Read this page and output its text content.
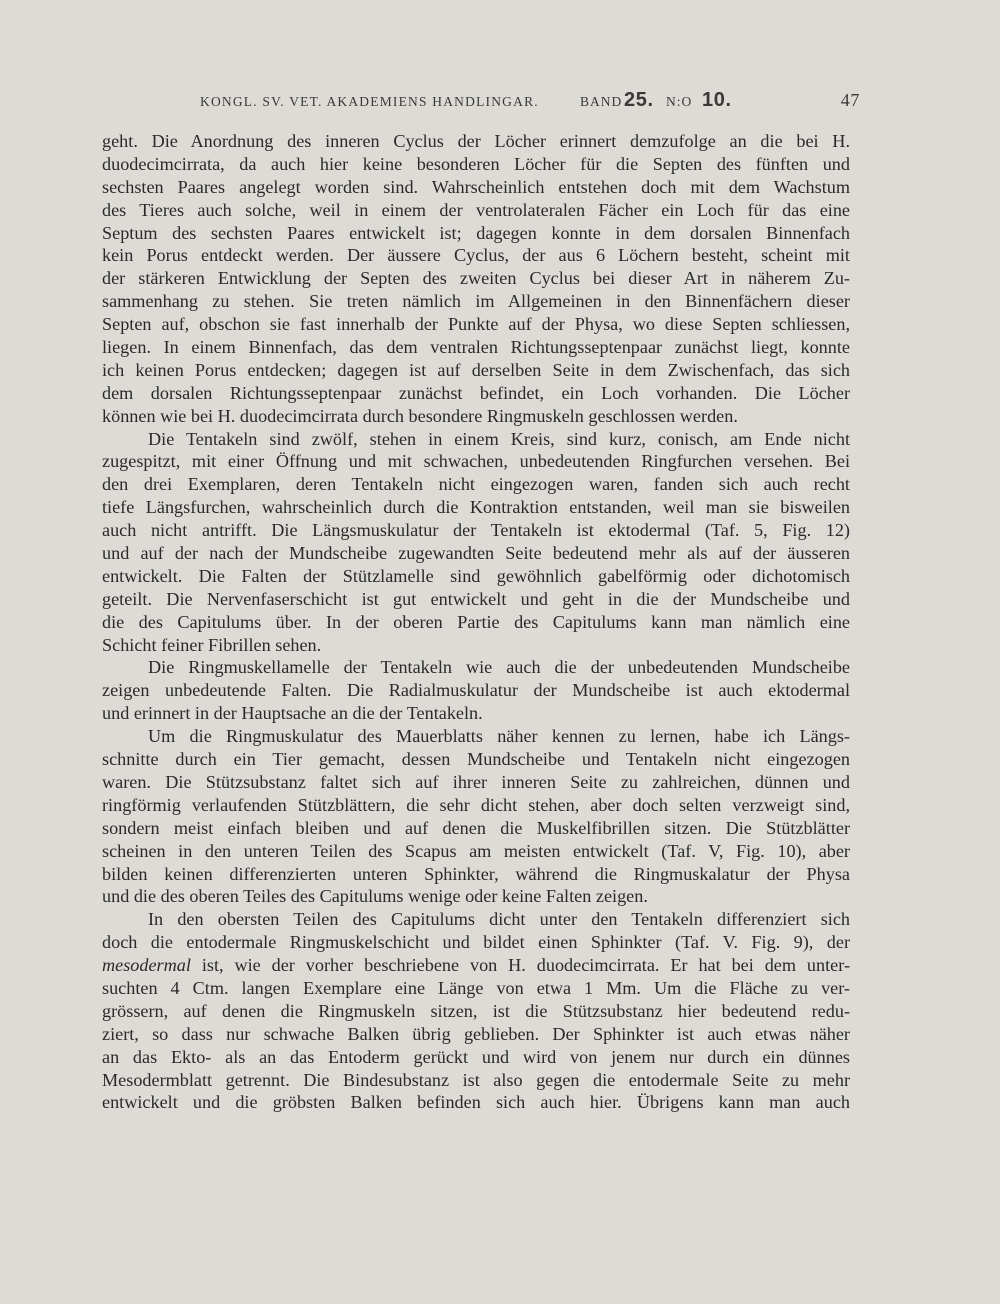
KONGL. SV. VET. AKADEMIENS HANDLINGAR.	BAND 25. N:O 10.	47
geht. Die Anordnung des inneren Cyclus der Löcher erinnert demzufolge an die bei H.
duodecimcirrata, da auch hier keine besonderen Löcher für die Septen des fünften und
sechsten Paares angelegt worden sind. Wahrscheinlich entstehen doch mit dem Wachstum
des Tieres auch solche, weil in einem der ventrolateralen Fächer ein Loch für das eine
Septum des sechsten Paares entwickelt ist; dagegen konnte in dem dorsalen Binnenfach
kein Porus entdeckt werden. Der äussere Cyclus, der aus 6 Löchern besteht, scheint mit
der stärkeren Entwicklung der Septen des zweiten Cyclus bei dieser Art in näherem Zu-
sammenhang zu stehen. Sie treten nämlich im Allgemeinen in den Binnenfächern dieser
Septen auf, obschon sie fast innerhalb der Punkte auf der Physa, wo diese Septen schliessen,
liegen. In einem Binnenfach, das dem ventralen Richtungsseptenpaar zunächst liegt, konnte
ich keinen Porus entdecken; dagegen ist auf derselben Seite in dem Zwischenfach, das sich
dem dorsalen Richtungsseptenpaar zunächst befindet, ein Loch vorhanden. Die Löcher
können wie bei H. duodecimcirrata durch besondere Ringmuskeln geschlossen werden.
Die Tentakeln sind zwölf, stehen in einem Kreis, sind kurz, conisch, am Ende nicht
zugespitzt, mit einer Öffnung und mit schwachen, unbedeutenden Ringfurchen versehen. Bei
den drei Exemplaren, deren Tentakeln nicht eingezogen waren, fanden sich auch recht
tiefe Längsfurchen, wahrscheinlich durch die Kontraktion entstanden, weil man sie bisweilen
auch nicht antrifft. Die Längsmuskulatur der Tentakeln ist ektodermal (Taf. 5, Fig. 12)
und auf der nach der Mundscheibe zugewandten Seite bedeutend mehr als auf der äusseren
entwickelt. Die Falten der Stützlamelle sind gewöhnlich gabelförmig oder dichotomisch
geteilt. Die Nervenfaserschicht ist gut entwickelt und geht in die der Mundscheibe und
die des Capitulums über. In der oberen Partie des Capitulums kann man nämlich eine
Schicht feiner Fibrillen sehen.
Die Ringmuskellamelle der Tentakeln wie auch die der unbedeutenden Mundscheibe
zeigen unbedeutende Falten. Die Radialmuskulatur der Mundscheibe ist auch ektodermal
und erinnert in der Hauptsache an die der Tentakeln.
Um die Ringmuskulatur des Mauerblatts näher kennen zu lernen, habe ich Längs-
schnitte durch ein Tier gemacht, dessen Mundscheibe und Tentakeln nicht eingezogen
waren. Die Stützsubstanz faltet sich auf ihrer inneren Seite zu zahlreichen, dünnen und
ringförmig verlaufenden Stützblättern, die sehr dicht stehen, aber doch selten verzweigt sind,
sondern meist einfach bleiben und auf denen die Muskelfibrillen sitzen. Die Stützblätter
scheinen in den unteren Teilen des Scapus am meisten entwickelt (Taf. V, Fig. 10), aber
bilden keinen differenzierten unteren Sphinkter, während die Ringmuskalatur der Physa
und die des oberen Teiles des Capitulums wenige oder keine Falten zeigen.
In den obersten Teilen des Capitulums dicht unter den Tentakeln differenziert sich
doch die entodermale Ringmuskelschicht und bildet einen Sphinkter (Taf. V. Fig. 9), der
mesodermal ist, wie der vorher beschriebene von H. duodecimcirrata. Er hat bei dem unter-
suchten 4 Ctm. langen Exemplare eine Länge von etwa 1 Mm. Um die Fläche zu ver-
grössern, auf denen die Ringmuskeln sitzen, ist die Stützsubstanz hier bedeutend redu-
ziert, so dass nur schwache Balken übrig geblieben. Der Sphinkter ist auch etwas näher
an das Ekto- als an das Entoderm gerückt und wird von jenem nur durch ein dünnes
Mesodermblatt getrennt. Die Bindesubstanz ist also gegen die entodermale Seite zu mehr
entwickelt und die gröbsten Balken befinden sich auch hier. Übrigens kann man auch
